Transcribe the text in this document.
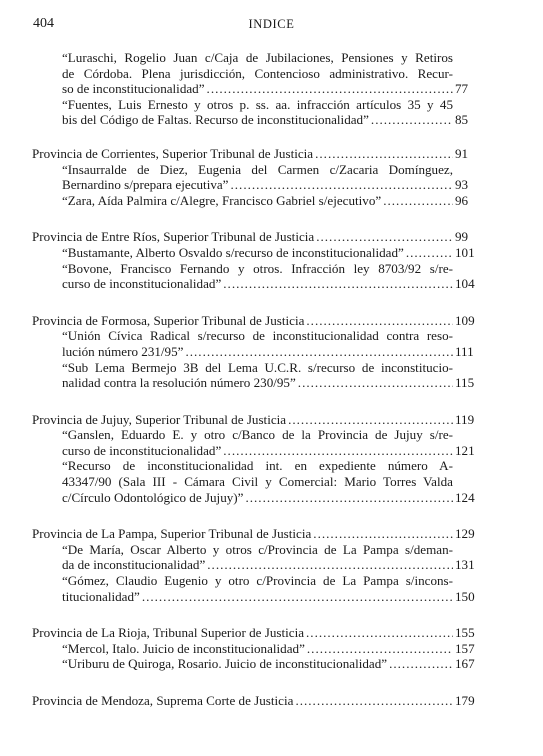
404	INDICE
“Luraschi, Rogelio Juan c/Caja de Jubilaciones, Pensiones y Retiros
de Córdoba. Plena jurisdicción, Contencioso administrativo. Recur-
so de inconstitucionalidad” .....	77
“Fuentes, Luis Ernesto y otros p. ss. aa. infracción artículos 35 y 45
bis del Código de Faltas. Recurso de inconstitucionalidad” .....	85
Provincia de Corrientes, Superior Tribunal de Justicia .....	91
“Insaurralde de Diez, Eugenia del Carmen c/Zacaria Domínguez,
Bernardino s/prepara ejecutiva” .....	93
“Zara, Aída Palmira c/Alegre, Francisco Gabriel s/ejecutivo” .....	96
Provincia de Entre Ríos, Superior Tribunal de Justicia .....	99
“Bustamante, Alberto Osvaldo s/recurso de inconstitucionalidad” .....	101
“Bovone, Francisco Fernando y otros. Infracción ley 8703/92 s/re-
curso de inconstitucionalidad” .....	104
Provincia de Formosa, Superior Tribunal de Justicia .....	109
“Unión Cívica Radical s/recurso de inconstitucionalidad contra reso-
lución número 231/95” .....	111
“Sub Lema Bermejo 3B del Lema U.C.R. s/recurso de inconstitucio-
nalidad contra la resolución número 230/95” .....	115
Provincia de Jujuy, Superior Tribunal de Justicia .....	119
“Ganslen, Eduardo E. y otro c/Banco de la Provincia de Jujuy s/re-
curso de inconstitucionalidad” .....	121
“Recurso de inconstitucionalidad int. en expediente número A-
43347/90 (Sala III - Cámara Civil y Comercial: Mario Torres Valda
c/Círculo Odontológico de Jujuy)” .....	124
Provincia de La Pampa, Superior Tribunal de Justicia .....	129
“De María, Oscar Alberto y otros c/Provincia de La Pampa s/deman-
da de inconstitucionalidad” .....	131
“Gómez, Claudio Eugenio y otro c/Provincia de La Pampa s/incons-
titucionalidad” .....	150
Provincia de La Rioja, Tribunal Superior de Justicia .....	155
“Mercol, Italo. Juicio de inconstitucionalidad” .....	157
“Uriburu de Quiroga, Rosario. Juicio de inconstitucionalidad” .....	167
Provincia de Mendoza, Suprema Corte de Justicia .....	179
